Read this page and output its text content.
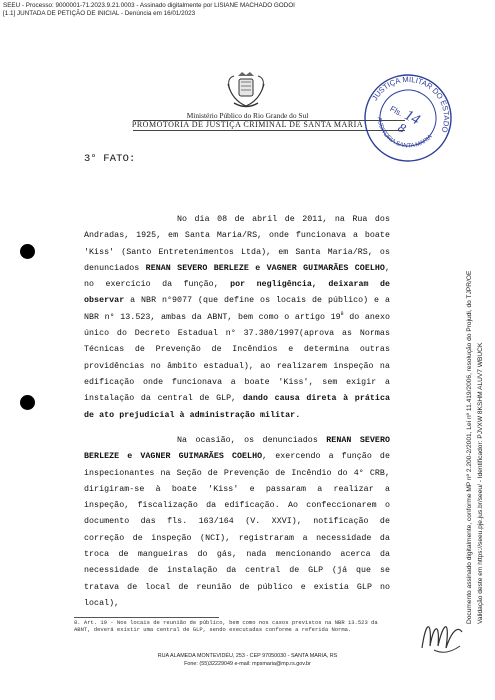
SEEU - Processo: 9000001-71.2023.9.21.0003 - Assinado digitalmente por LISIANE MACHADO GODOI
[1.1] JUNTADA DE PETIÇÃO DE INICIAL - Denúncia em 16/01/2023
Ministério Público do Rio Grande do Sul
PROMOTORIA DE JUSTIÇA CRIMINAL DE SANTA MARIA
JUSTIÇA MILITAR DO ESTADO
AUDITORIA SANTA MARIA
Fls.
14
8
Documento assinado digitalmente, conforme MP nº 2.200-2/2001, Lei nº 11.419/2006, resolução do Projudi, do TJPR/OE Validação deste em https://seeu.pje.jus.br/seeu/ - Identificador: PJVXW 8KSHM ALUV7 WBUCK
3° FATO:
No dia 08 de abril de 2011, na Rua dos Andradas, 1925, em Santa Maria/RS, onde funcionava a boate 'Kiss' (Santo Entretenimentos Ltda), em Santa Maria/RS, os denunciados RENAN SEVERO BERLEZE e VAGNER GUIMARÃES COELHO, no exercício da função, por negligência, deixaram de observar a NBR n°9077 (que define os locais de público) e a NBR n° 13.523, ambas da ABNT, bem como o artigo $19^8$ do anexo único do Decreto Estadual n° 37.380/1997(aprova as Normas Técnicas de Prevenção de Incêndios e determina outras providências no âmbito estadual), ao realizarem inspeção na edificação onde funcionava a boate 'Kiss', sem exigir a instalação da central de GLP, dando causa direta à prática de ato prejudicial à administração militar.
Na ocasião, os denunciados RENAN SEVERO BERLEZE e VAGNER GUIMARÃES COELHO, exercendo a função de inspecionantes na Seção de Prevenção de Incêndio do 4° CRB, dirigiram-se à boate 'Kiss' e passaram a realizar a inspeção, fiscalização da edificação. Ao confeccionarem o documento das fls. 163/164 (V. XXVI), notificação de correção de inspeção (NCI), registraram a necessidade da troca de mangueiras do gás, nada mencionando acerca da necessidade de instalação da central de GLP (já que se tratava de local de reunião de público e existia GLP no local),
8. Art. 19 - Nos locais de reunião de público, bem como nos casos previstos na NBR 13.523 da ABNT, deverá existir uma central de GLP, sendo executadas conforme a referida Norma.
RUA ALAMEDA MONTEVIDÉU, 253 - CEP 97050030 - SANTA MARIA, RS
Fone: (55)32229049 e-mail: mpsmaria@mp.rs.gov.br
